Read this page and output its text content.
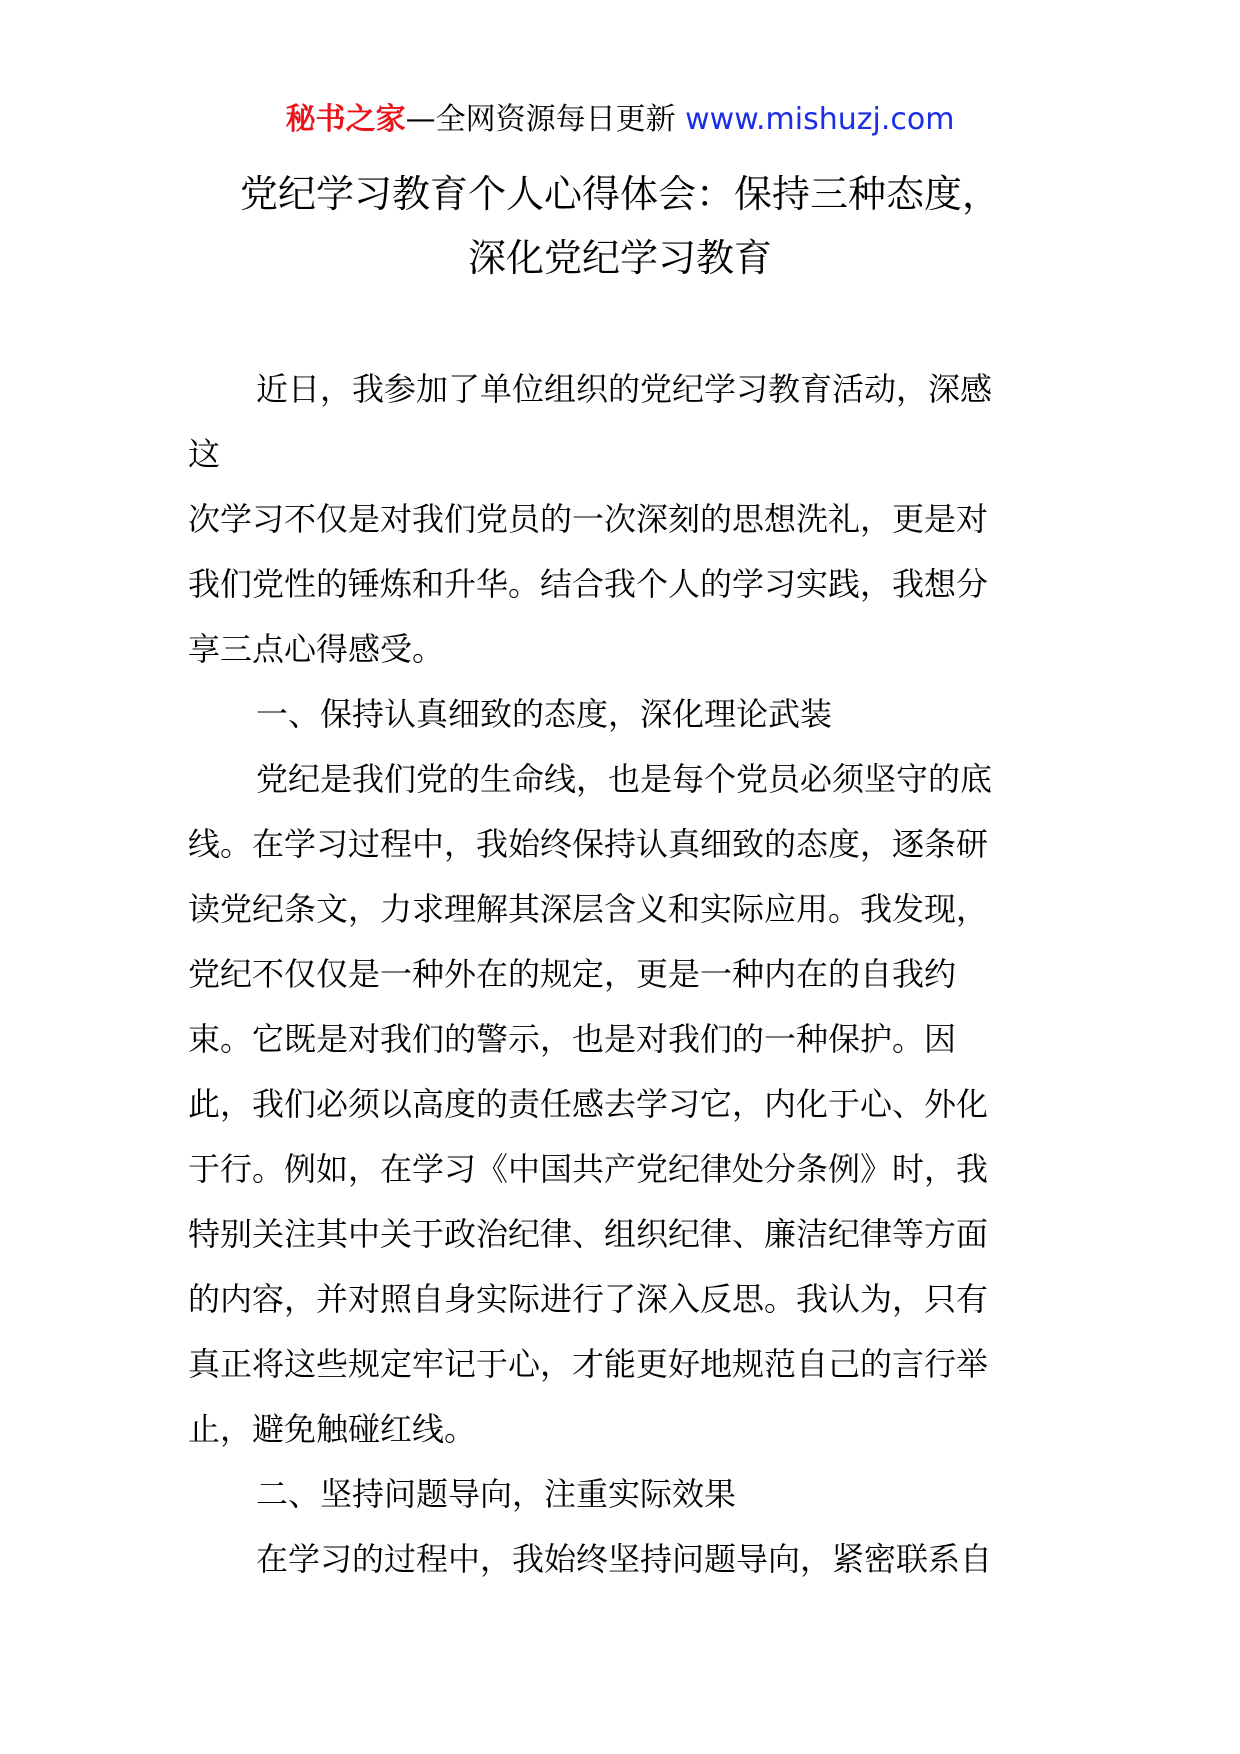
秘书之家—全网资源每日更新 www.mishuzj.com
党纪学习教育个人心得体会：保持三种态度，
深化党纪学习教育
近日，我参加了单位组织的党纪学习教育活动，深感
这
次学习不仅是对我们党员的一次深刻的思想洗礼，更是对
我们党性的锤炼和升华。结合我个人的学习实践，我想分
享三点心得感受。
一、保持认真细致的态度，深化理论武装
党纪是我们党的生命线，也是每个党员必须坚守的底
线。在学习过程中，我始终保持认真细致的态度，逐条研
读党纪条文，力求理解其深层含义和实际应用。我发现，
党纪不仅仅是一种外在的规定，更是一种内在的自我约
束。它既是对我们的警示，也是对我们的一种保护。因
此，我们必须以高度的责任感去学习它，内化于心、外化
于行。例如，在学习《中国共产党纪律处分条例》时，我
特别关注其中关于政治纪律、组织纪律、廉洁纪律等方面
的内容，并对照自身实际进行了深入反思。我认为，只有
真正将这些规定牢记于心，才能更好地规范自己的言行举
止，避免触碰红线。
二、坚持问题导向，注重实际效果
在学习的过程中，我始终坚持问题导向，紧密联系自
